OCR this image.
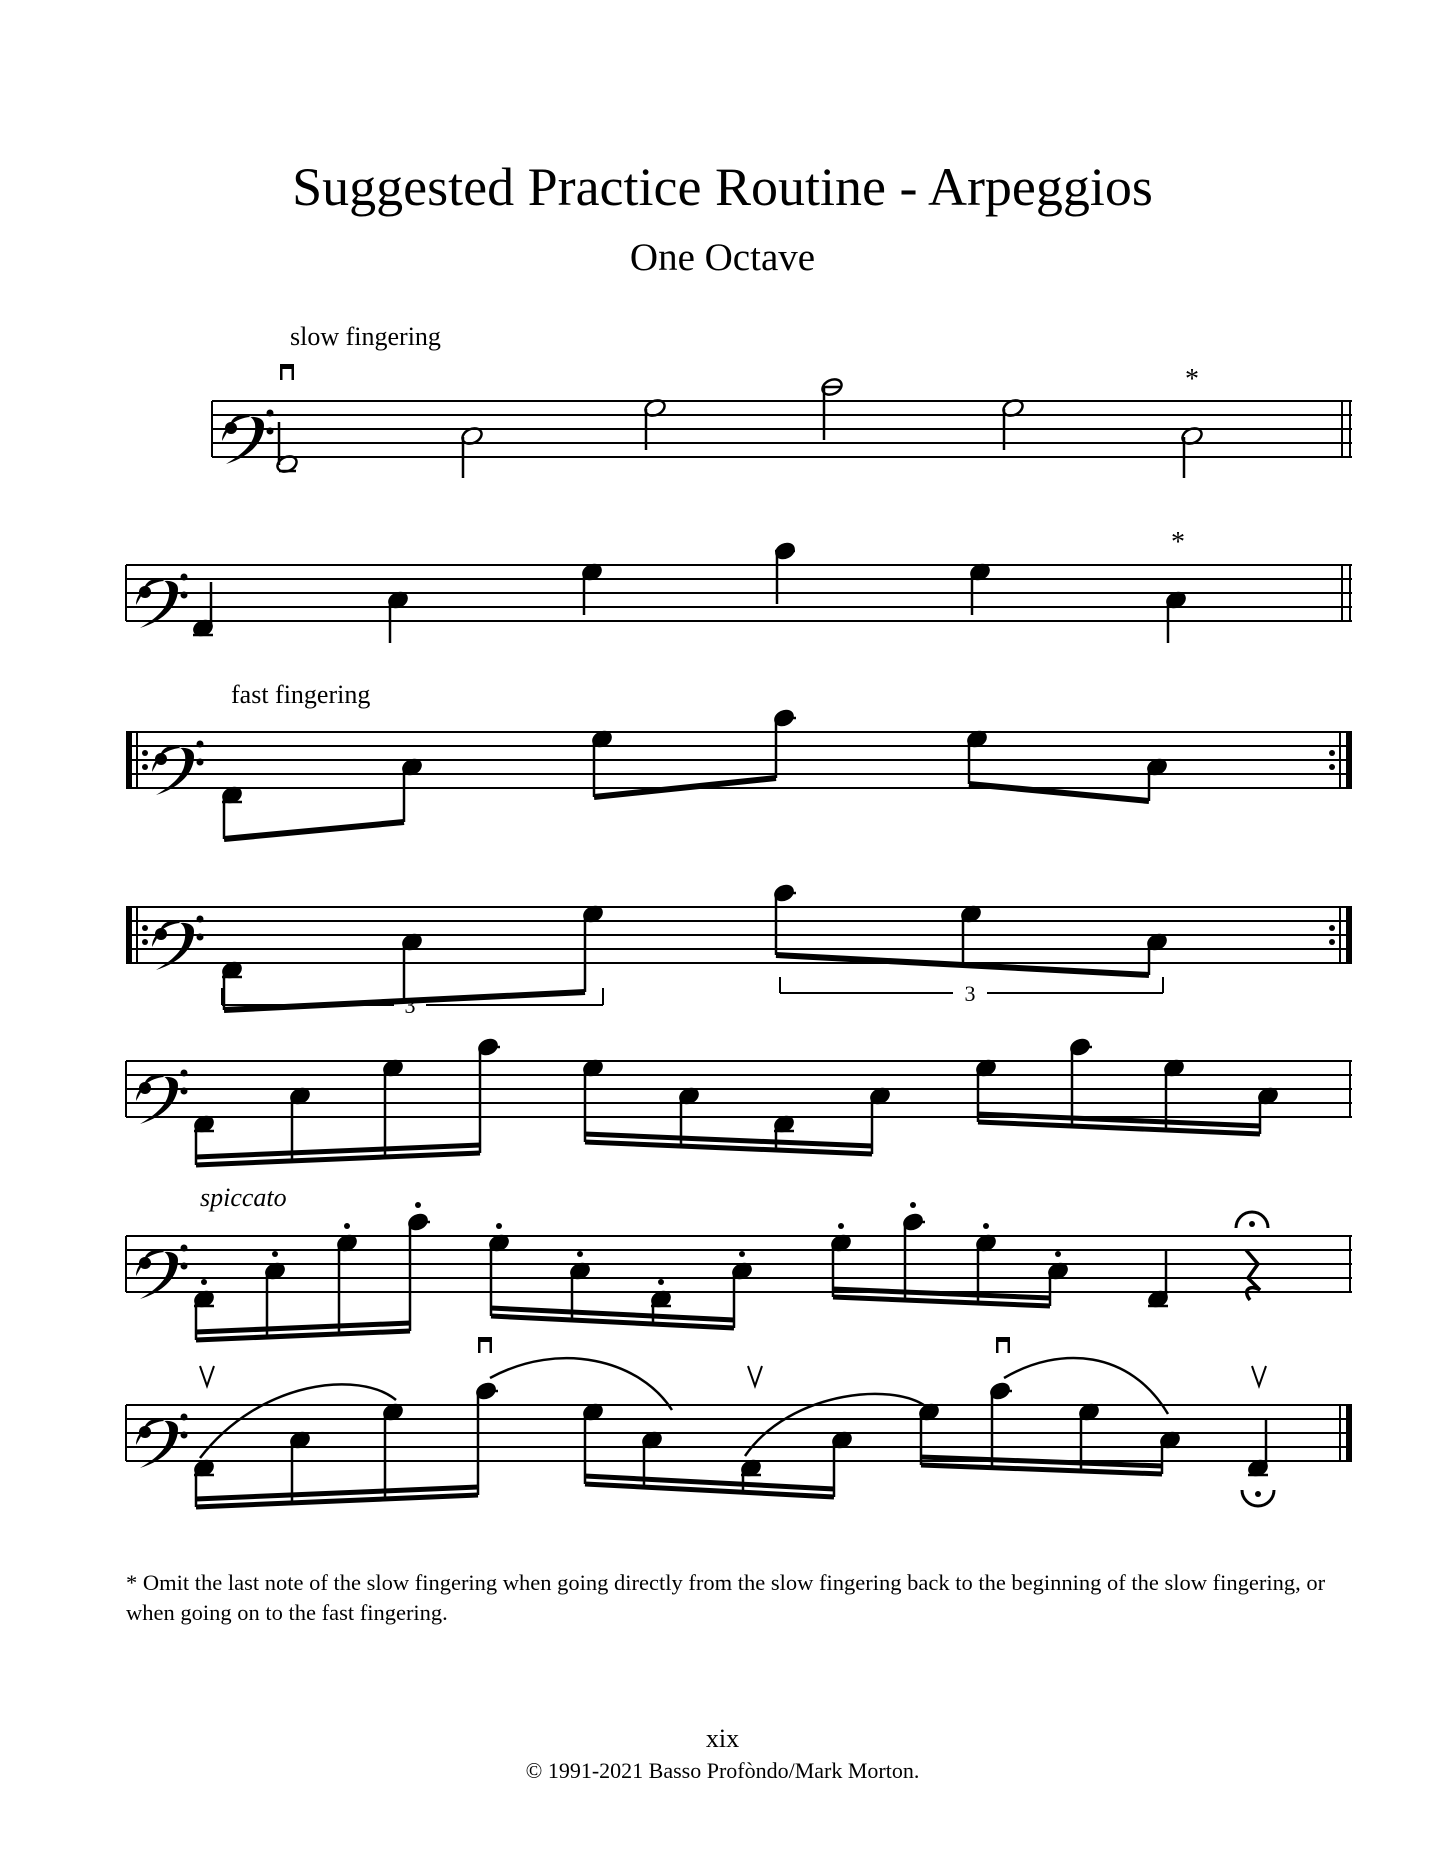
Suggested Practice Routine - Arpeggios
One Octave
slow fingering
*
*
fast fingering
3	3
spiccato
* Omit the last note of the slow fingering when going directly from the slow fingering back to the beginning of the slow fingering, or when going on to the fast fingering.
xix
© 1991-2021 Basso Profòndo/Mark Morton.
